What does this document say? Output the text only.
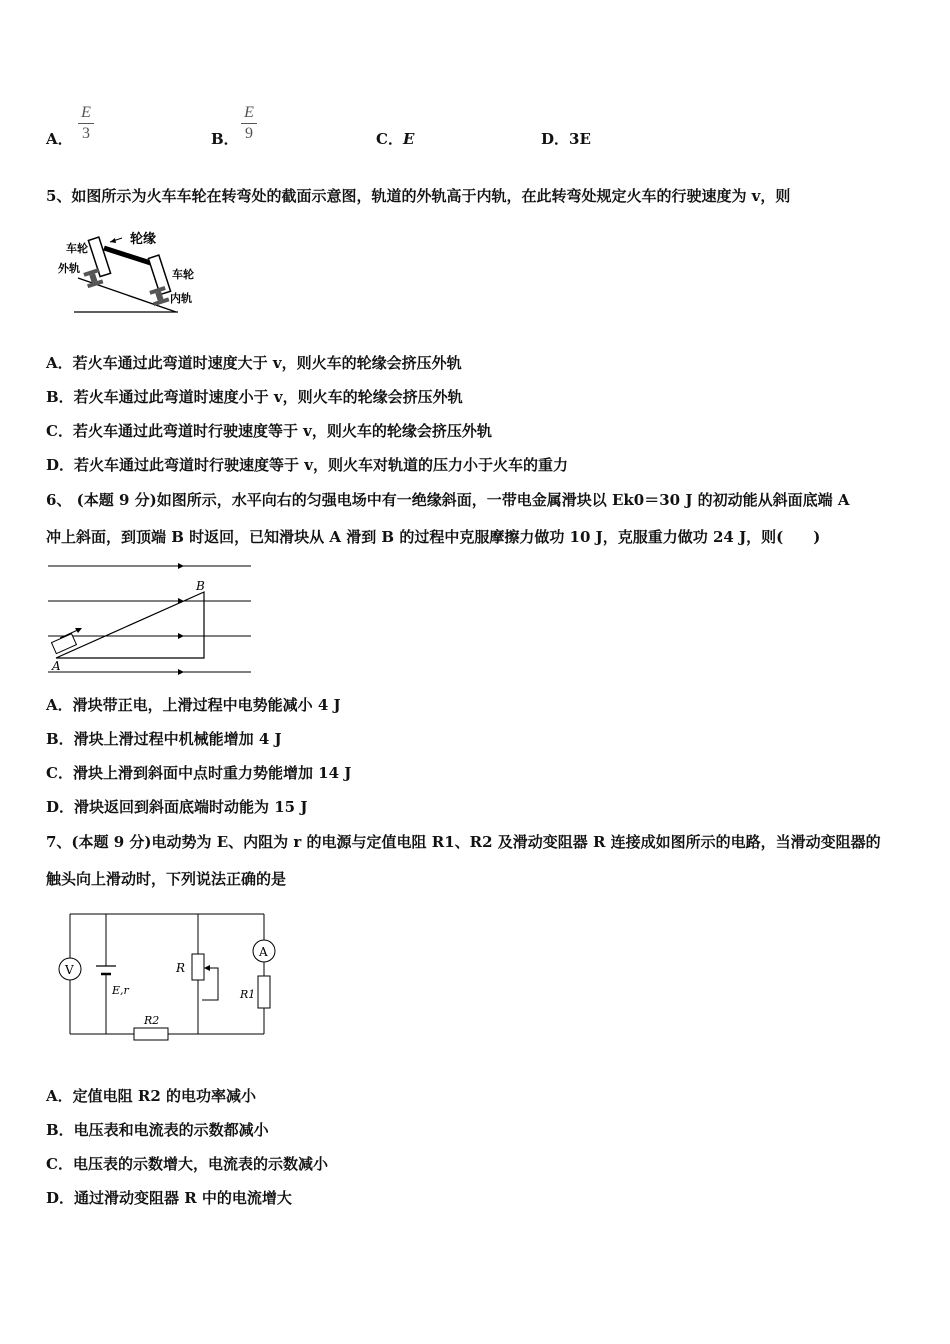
A．
E
3	B．
E
9	C．E	D．3E
5、如图所示为火车车轮在转弯处的截面示意图，轨道的外轨高于内轨，在此转弯处规定火车的行驶速度为 v，则
轮缘
车轮
外轨	车轮
内轨
A．若火车通过此弯道时速度大于 v，则火车的轮缘会挤压外轨
B．若火车通过此弯道时速度小于 v，则火车的轮缘会挤压外轨
C．若火车通过此弯道时行驶速度等于 v，则火车的轮缘会挤压外轨
D．若火车通过此弯道时行驶速度等于 v，则火车对轨道的压力小于火车的重力
6、 (本题 9 分)如图所示，水平向右的匀强电场中有一绝缘斜面，一带电金属滑块以 Ek0＝30 J 的初动能从斜面底端 A
冲上斜面，到顶端 B 时返回，已知滑块从 A 滑到 B 的过程中克服摩擦力做功 10 J，克服重力做功 24 J，则(　　)
B
A
A．滑块带正电，上滑过程中电势能减小 4 J
B．滑块上滑过程中机械能增加 4 J
C．滑块上滑到斜面中点时重力势能增加 14 J
D．滑块返回到斜面底端时动能为 15 J
7、(本题 9 分)电动势为 E、内阻为 r 的电源与定值电阻 R1、R2 及滑动变阻器 R 连接成如图所示的电路，当滑动变阻器的
触头向上滑动时，下列说法正确的是
V
E,r
R
A
R1
R2
A．定值电阻 R2 的电功率减小
B．电压表和电流表的示数都减小
C．电压表的示数增大，电流表的示数减小
D．通过滑动变阻器 R 中的电流增大
